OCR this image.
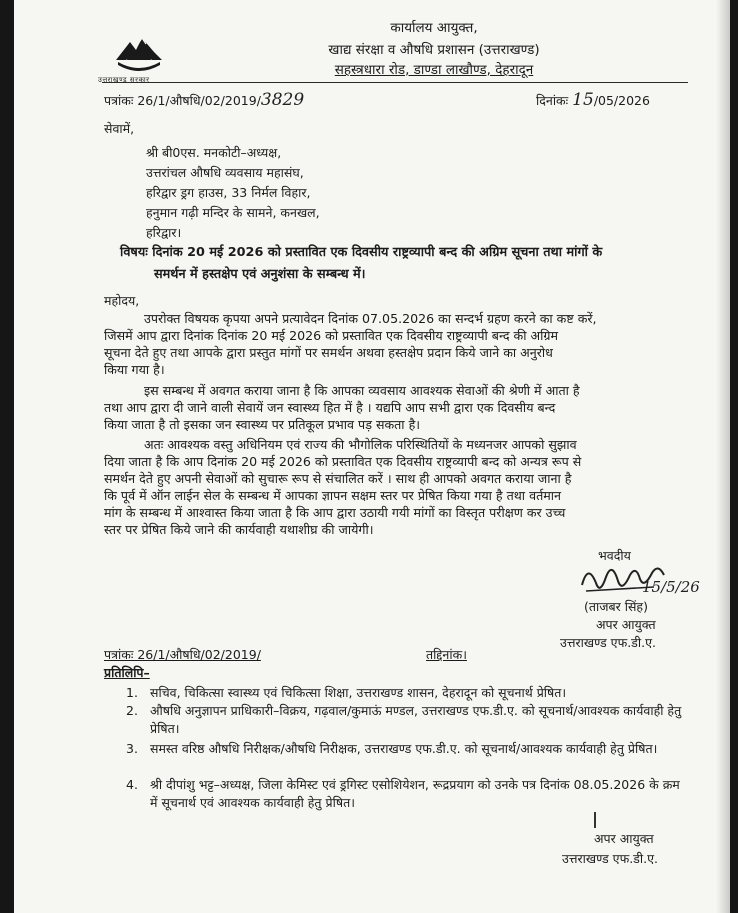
उत्तराखण्ड सरकार
कार्यालय आयुक्त,
खाद्य संरक्षा व औषधि प्रशासन (उत्तराखण्ड)
सहस्त्रधारा रोड, डाण्डा लाखौण्ड, देहरादून
पत्रांकः 26/1/औषधि/02/2019/3829	दिनांकः 15/05/2026
सेवामें,
श्री बी0एस. मनकोटी–अध्यक्ष,
उत्तरांचल औषधि व्यवसाय महासंघ,
हरिद्वार ड्रग हाउस, 33 निर्मल विहार,
हनुमान गढ़ी मन्दिर के सामने, कनखल,
हरिद्वार।
विषयः दिनांक 20 मई 2026 को प्रस्तावित एक दिवसीय राष्ट्रव्यापी बन्द की अग्रिम सूचना तथा मांगों के
समर्थन में हस्तक्षेप एवं अनुशंसा के सम्बन्ध में।
महोदय,
उपरोक्त विषयक कृपया अपने प्रत्यावेदन दिनांक 07.05.2026 का सन्दर्भ ग्रहण करने का कष्ट करें,
जिसमें आप द्वारा दिनांक दिनांक 20 मई 2026 को प्रस्तावित एक दिवसीय राष्ट्रव्यापी बन्द की अग्रिम
सूचना देते हुए तथा आपके द्वारा प्रस्तुत मांगों पर समर्थन अथवा हस्तक्षेप प्रदान किये जाने का अनुरोध
किया गया है।
इस सम्बन्ध में अवगत कराया जाना है कि आपका व्यवसाय आवश्यक सेवाओं की श्रेणी में आता है
तथा आप द्वारा दी जाने वाली सेवायें जन स्वास्थ्य हित में है । यद्यपि आप सभी द्वारा एक दिवसीय बन्द
किया जाता है तो इसका जन स्वास्थ्य पर प्रतिकूल प्रभाव पड़ सकता है।
अतः आवश्यक वस्तु अधिनियम एवं राज्य की भौगोलिक परिस्थितियों के मध्यनजर आपको सुझाव
दिया जाता है कि आप दिनांक 20 मई 2026 को प्रस्तावित एक दिवसीय राष्ट्रव्यापी बन्द को अन्यत्र रूप से
समर्थन देते हुए अपनी सेवाओं को सुचारू रूप से संचालित करें । साथ ही आपको अवगत कराया जाना है
कि पूर्व में ऑन लाईन सेल के सम्बन्ध में आपका ज्ञापन सक्षम स्तर पर प्रेषित किया गया है तथा वर्तमान
मांग के सम्बन्ध में आश्वास्त किया जाता है कि आप द्वारा उठायी गयी मांगों का विस्तृत परीक्षण कर उच्च
स्तर पर प्रेषित किये जाने की कार्यवाही यथाशीघ्र की जायेगी।
भवदीय
15/5/26
(ताजबर सिंह)
अपर आयुक्त
उत्तराखण्ड एफ.डी.ए.
पत्रांकः 26/1/औषधि/02/2019/	तद्दिनांक।
प्रतिलिपि–
1. सचिव, चिकित्सा स्वास्थ्य एवं चिकित्सा शिक्षा, उत्तराखण्ड शासन, देहरादून को सूचनार्थ प्रेषित।
2. औषधि अनुज्ञापन प्राधिकारी–विक्रय, गढ़वाल/कुमाऊं मण्डल, उत्तराखण्ड एफ.डी.ए. को सूचनार्थ/आवश्यक कार्यवाही हेतु प्रेषित।
3. समस्त वरिष्ठ औषधि निरीक्षक/औषधि निरीक्षक, उत्तराखण्ड एफ.डी.ए. को सूचनार्थ/आवश्यक कार्यवाही हेतु प्रेषित।
4. श्री दीपांशु भट्ट–अध्यक्ष, जिला केमिस्ट एवं ड्रगिस्ट एसोशियेशन, रूद्रप्रयाग को उनके पत्र दिनांक 08.05.2026 के क्रम में सूचनार्थ एवं आवश्यक कार्यवाही हेतु प्रेषित।
अपर आयुक्त
उत्तराखण्ड एफ.डी.ए.
